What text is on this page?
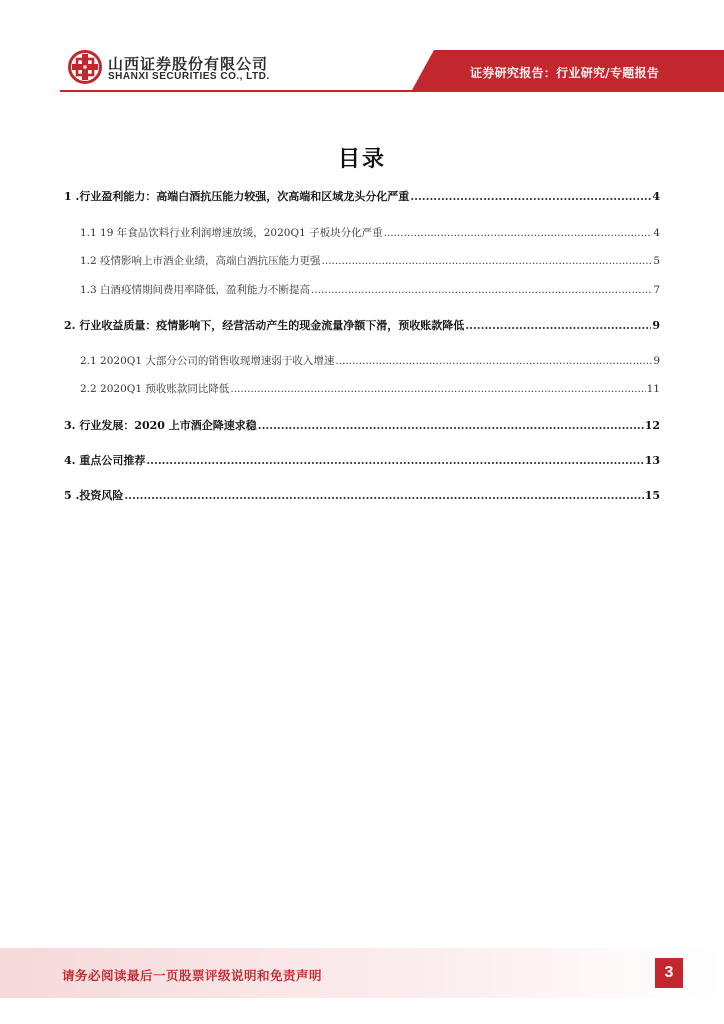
山西证券股份有限公司
SHANXI SECURITIES CO., LTD.	证券研究报告：行业研究/专题报告
目录
1 .行业盈利能力：高端白酒抗压能力较强，次高端和区域龙头分化严重 .....	4
1.1 19 年食品饮料行业利润增速放缓，2020Q1 子板块分化严重 .....	4
1.2 疫情影响上市酒企业绩，高端白酒抗压能力更强 .....	5
1.3 白酒疫情期间费用率降低，盈利能力不断提高 .....	7
2. 行业收益质量：疫情影响下，经营活动产生的现金流量净额下滑，预收账款降低 .....	9
2.1 2020Q1 大部分公司的销售收现增速弱于收入增速 .....	9
2.2 2020Q1 预收账款同比降低 .....	11
3. 行业发展：2020 上市酒企降速求稳 .....	12
4. 重点公司推荐 .....	13
5 .投资风险 .....	15
请务必阅读最后一页股票评级说明和免责声明	3
